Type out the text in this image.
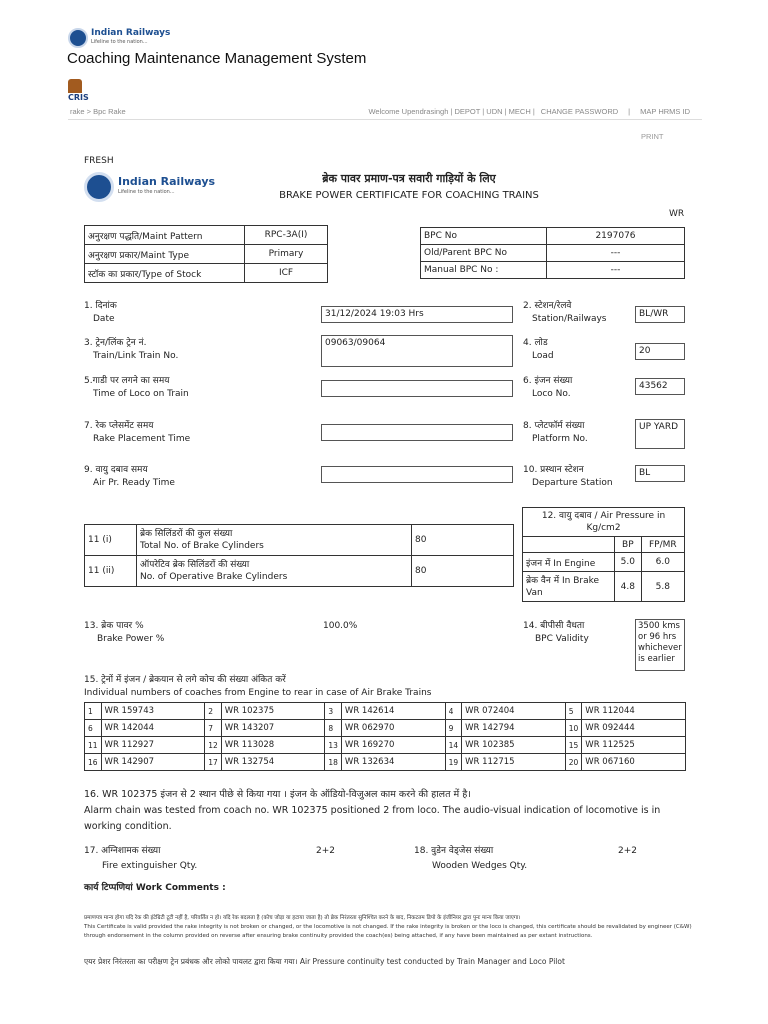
Indian Railways
Lifeline to the nation...
Coaching Maintenance Management System
CRIS
rake > Bpc Rake	Welcome Upendrasingh | DEPOT | UDN | MECH | CHANGE PASSWORD	|	MAP HRMS ID
PRINT
FRESH
Indian Railways
Lifeline to the nation...
ब्रेक पावर प्रमाण-पत्र सवारी गाड़ियों के लिए
BRAKE POWER CERTIFICATE FOR COACHING TRAINS
WR
अनुरक्षण पद्धति/Maint Pattern	RPC-3A(I)
अनुरक्षण प्रकार/Maint Type	Primary
स्टॉक का प्रकार/Type of Stock	ICF
BPC No	2197076
Old/Parent BPC No	---
Manual BPC No :	---
1. दिनांक
Date	31/12/2024 19:03 Hrs
2. स्टेशन/रेलवे
Station/Railways	BL/WR
3. ट्रेन/लिंक ट्रेन नं.
Train/Link Train No.
09063/09064	4. लोड
Load	20
5.गाडी पर लगने का समय
Time of Loco on Train
6. इंजन संख्या
Loco No.
43562
7. रेक प्लेसमेंट समय
Rake Placement Time
8. प्लेटफॉर्म संख्या
Platform No.
UP YARD
9. वायु दबाव समय
Air Pr. Ready Time
10. प्रस्थान स्टेशन
Departure Station
BL
11 (i)	ब्रेक सिलिंडरों की कुल संख्या
Total No. of Brake Cylinders	80
11 (ii)	ऑपरेटिव ब्रेक सिलिंडरों की संख्या
No. of Operative Brake Cylinders	80
12. वायु दबाव / Air Pressure in Kg/cm2		
	BP	FP/MR
इंजन में In Engine	5.0	6.0
ब्रेक वैन में In Brake Van	4.8	5.8
13. ब्रेक पावर %
Brake Power %
100.0%	14. बीपीसी वैधता
BPC Validity
3500 kms or 96 hrs whichever is earlier
15. ट्रेनों में इंजन / ब्रेकयान से लगे कोच की संख्या अंकित करें
Individual numbers of coaches from Engine to rear in case of Air Brake Trains
1	WR 159743	2	WR 102375	3	WR 142614	4	WR 072404	5	WR 112044
6	WR 142044	7	WR 143207	8	WR 062970	9	WR 142794	10	WR 092444
11	WR 112927	12	WR 113028	13	WR 169270	14	WR 102385	15	WR 112525
16	WR 142907	17	WR 132754	18	WR 132634	19	WR 112715	20	WR 067160
16. WR 102375 इंजन से 2 स्थान पीछे से किया गया । इंजन के ऑडियो-विजुअल काम करने की हालत में है।
Alarm chain was tested from coach no. WR 102375 positioned 2 from loco. The audio-visual indication of locomotive is in working condition.
17. अग्निशामक संख्या
Fire extinguisher Qty.
2+2	18. वुडेन वेड्जेस संख्या
Wooden Wedges Qty.
2+2
कार्य टिप्पणियां Work Comments :
प्रमाणपत्र मान्य होगा यदि रेक की इंटेग्रिटी टूटी नहीं है, परिवर्तित न हो। यदि रेक बदलता है (कोच जोड़ा या हटाया जाता है) तो ब्रेक निरंतरता सुनिश्चित करने के बाद, निकटतम डिपो के इंजीनियर द्वारा पुनः मान्य किया जाएगा।
This Certificate is valid provided the rake integrity is not broken or changed, or the locomotive is not changed. If the rake integrity is broken or the loco is changed, this certificate should be revalidated by engineer (C&W)
through endorsement in the column provided on reverse after ensuring brake continuity provided the coach(es) being attached, if any have been maintained as per extant instructions.
एयर प्रेशर निरंतरता का परीक्षण ट्रेन प्रबंधक और लोको पायलट द्वारा किया गया। Air Pressure continuity test conducted by Train Manager and Loco Pilot
